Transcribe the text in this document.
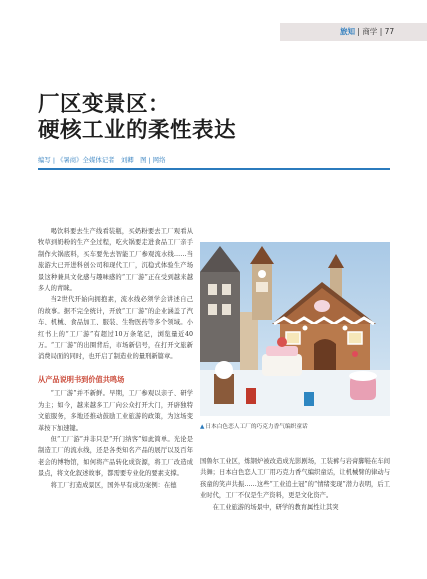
旅知 | 商学 | 77
厂区变景区：
硬核工业的柔性表达
编写 | 《暑商》全媒体记者　刘卿　图 | 网络

喝饮料要去生产线看装瓶，买奶粉要去工厂观看从牧草到奶粉的生产全过程，吃火锅要走进食品工厂亲手制作火锅底料，买车要先去智能工厂参观流水线……当旅游大已开进科创公司和现代工厂，沉稳式体验生产场景这种兼具文化感与趣味感的“工厂游”正在受到越来越多人的青睐。

当2世代开始向拥抱素，流水线必须学会讲述自己的故事。据不完全统计，开放“工厂游”的企业涵盖了汽车、机械、食品加工、服装、生物医药等多个领域。小红书上的“工厂游”有超过10万条笔记，浏览量近40万。“工厂游”的出圈背后，市场新信号，在打开文旅新消费局面的同时，也开启了制造业的量刑新篇章。

从产品说明书到价值共鸣场

“工厂游”并不新鲜。早期，工厂参观以亲子、研学为主；如今，越来越多工厂向公众打开大门，开辟独特文旅服务，多地还推动鼓励工业旅游的政策，为这场变革按下加速键。

但“工厂游”并非只是“开门纳客”如此简单。光论是制造工厂的流水线，还是各类知名产品的展厅以及百年老会的博物馆，如何将产品转化成资源，将工厂改造成景点，将文化叙述故事，都需要专业化的要素支撑。

将工厂打造成景区，国外早有成功案例：在德

▲日本白色恋人工厂的巧克力香气编织童话

国鲁尔工业区，炼钢炉被改造成光影剧场，工装裤与岩膏脚鞋在车间共舞；日本白色恋人工厂用巧克力香气编织童话，让机械臂的律动与孩童的笑声共振……这些“工业追土冠”的“情绪变现”潜力表明，后工业时代，工厂不仅是生产资料，更是文化资产。

在工业旅游的场景中，研学的教育属性让其突
